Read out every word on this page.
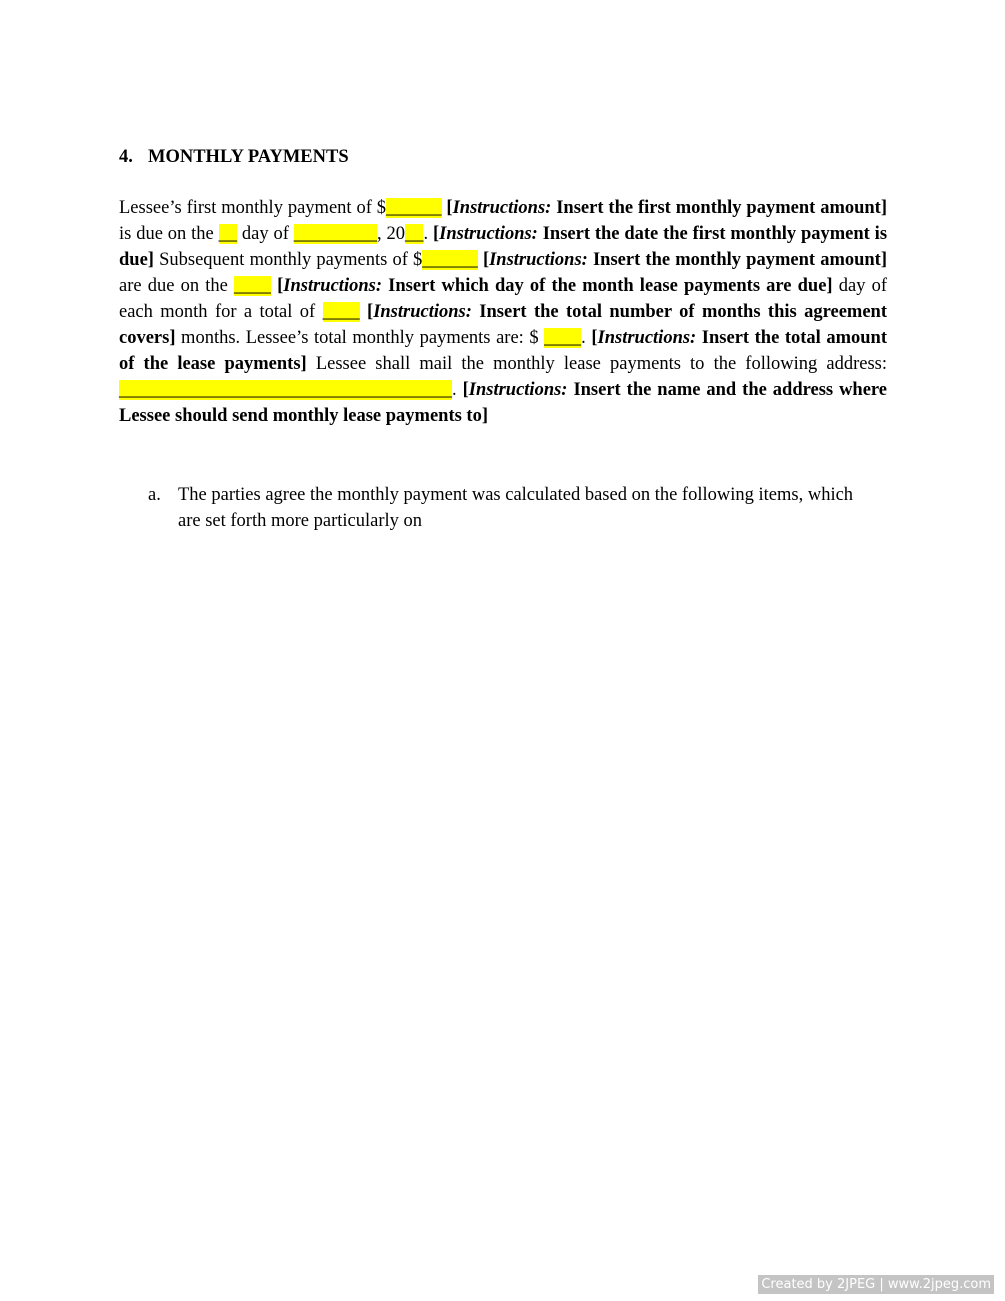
4. MONTHLY PAYMENTS

Lessee’s first monthly payment of $______ [Instructions: Insert the first monthly payment amount] is due on the __ day of _________, 20__. [Instructions: Insert the date the first monthly payment is due] Subsequent monthly payments of $______ [Instructions: Insert the monthly payment amount] are due on the ____ [Instructions: Insert which day of the month lease payments are due] day of each month for a total of ____ [Instructions: Insert the total number of months this agreement covers] months. Lessee’s total monthly payments are: $ ____. [Instructions: Insert the total amount of the lease payments] Lessee shall mail the monthly lease payments to the following address: ____________________________________. [Instructions: Insert the name and the address where Lessee should send monthly lease payments to]

a. The parties agree the monthly payment was calculated based on the following items, which are set forth more particularly on
Created by 2JPEG | www.2jpeg.com
